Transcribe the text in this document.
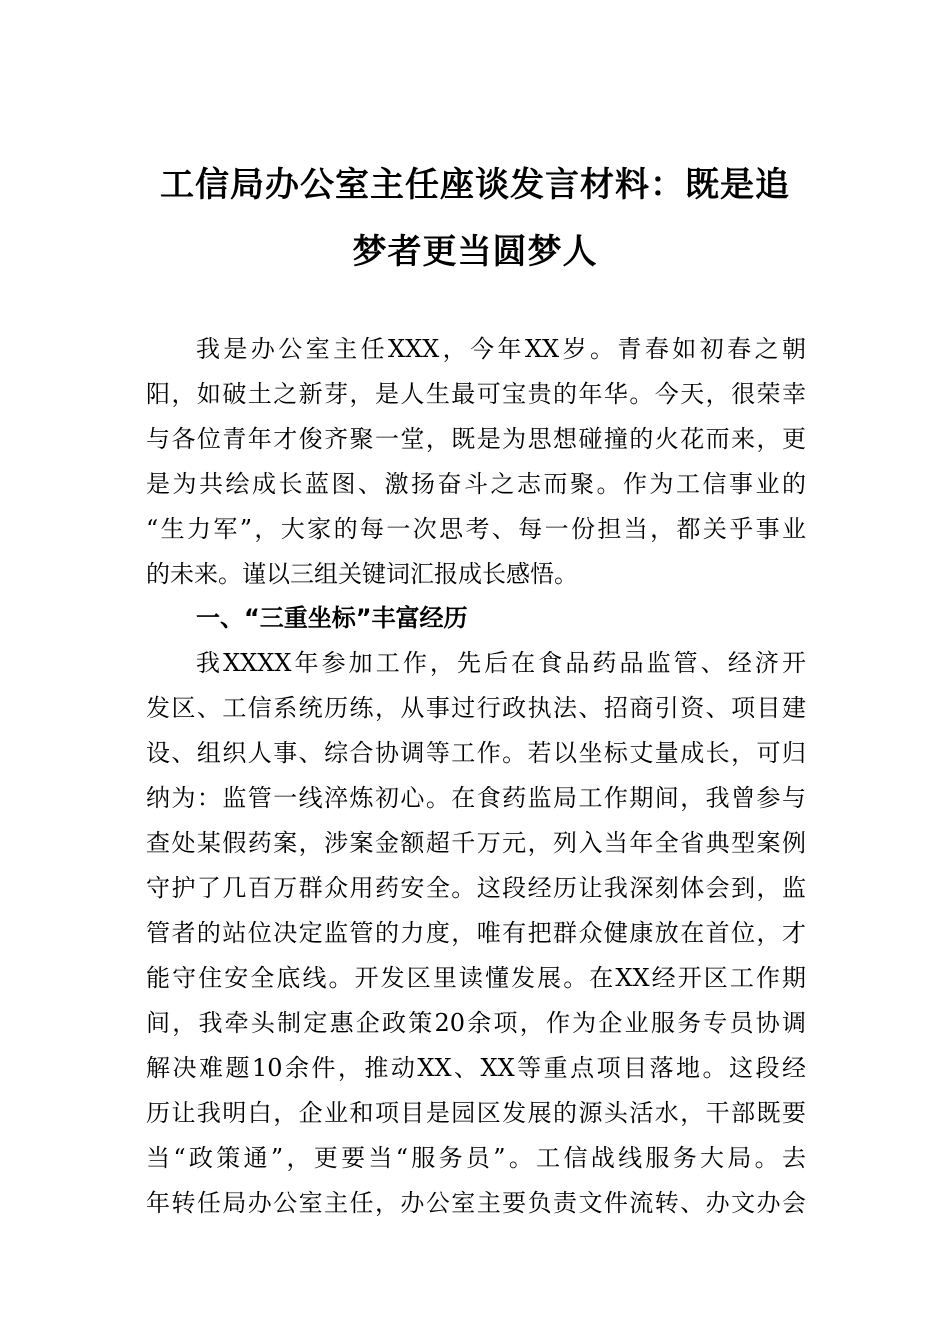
工信局办公室主任座谈发言材料：既是追
梦者更当圆梦人
我是办公室主任XXX，今年XX岁。青春如初春之朝
阳，如破土之新芽，是人生最可宝贵的年华。今天，很荣幸
与各位青年才俊齐聚一堂，既是为思想碰撞的火花而来，更
是为共绘成长蓝图、激扬奋斗之志而聚。作为工信事业的
“生力军”，大家的每一次思考、每一份担当，都关乎事业
的未来。谨以三组关键词汇报成长感悟。
一、“三重坐标”丰富经历
我XXXX年参加工作，先后在食品药品监管、经济开
发区、工信系统历练，从事过行政执法、招商引资、项目建
设、组织人事、综合协调等工作。若以坐标丈量成长，可归
纳为：监管一线淬炼初心。在食药监局工作期间，我曾参与
查处某假药案，涉案金额超千万元，列入当年全省典型案例
守护了几百万群众用药安全。这段经历让我深刻体会到，监
管者的站位决定监管的力度，唯有把群众健康放在首位，才
能守住安全底线。开发区里读懂发展。在XX经开区工作期
间，我牵头制定惠企政策20余项，作为企业服务专员协调
解决难题10余件，推动XX、XX等重点项目落地。这段经
历让我明白，企业和项目是园区发展的源头活水，干部既要
当“政策通”，更要当“服务员”。工信战线服务大局。去
年转任局办公室主任，办公室主要负责文件流转、办文办会
